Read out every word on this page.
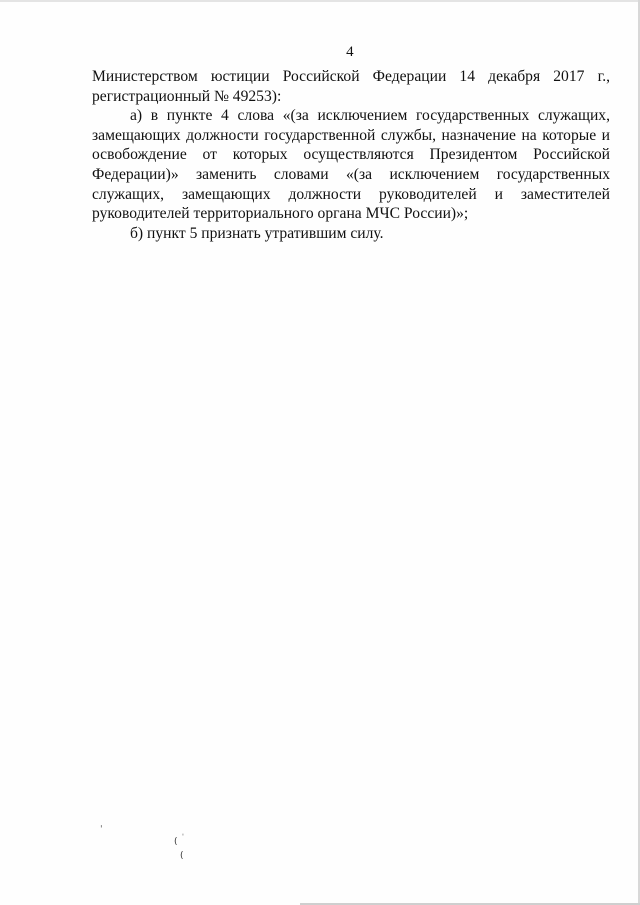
4

Министерством юстиции Российской Федерации 14 декабря 2017 г., регистрационный № 49253):

а) в пункте 4 слова «(за исключением государственных служащих, замещающих должности государственной службы, назначение на которые и освобождение от которых осуществляются Президентом Российской Федерации)» заменить словами «(за исключением государственных служащих, замещающих должности руководителей и заместителей руководителей территориального органа МЧС России)»;

б) пункт 5 признать утратившим силу.

ˈ
( ˈ
(
